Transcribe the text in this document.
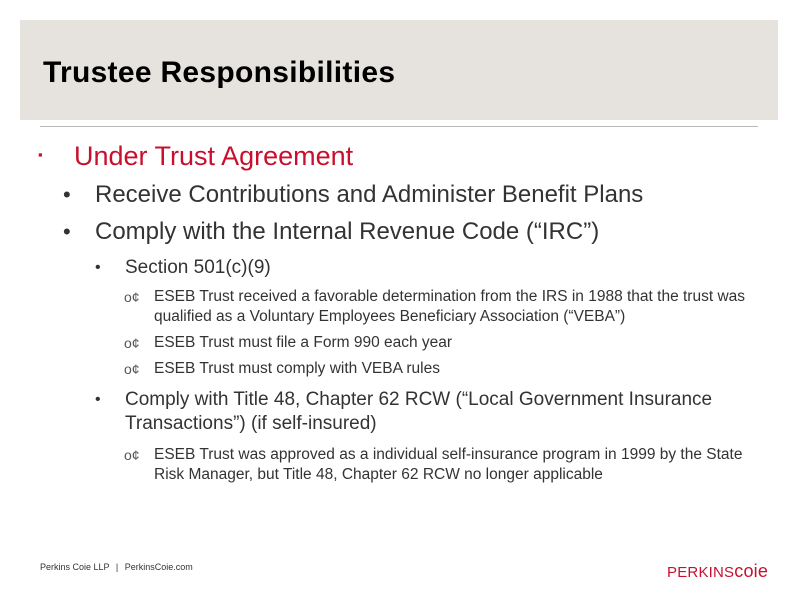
Trustee Responsibilities
▪	Under Trust Agreement
•	Receive Contributions and Administer Benefit Plans
•	Comply with the Internal Revenue Code (“IRC”)
•	Section 501(c)(9)
o¢ ESEB Trust received a favorable determination from the IRS in 1988 that the trust was qualified as a Voluntary Employees Beneficiary Association (“VEBA”)
o¢ ESEB Trust must file a Form 990 each year
o¢ ESEB Trust must comply with VEBA rules
•	Comply with Title 48, Chapter 62 RCW (“Local Government Insurance Transactions”) (if self-insured)
o¢ ESEB Trust was approved as a individual self-insurance program in 1999 by the State Risk Manager, but Title 48, Chapter 62 RCW no longer applicable
Perkins Coie LLP | PerkinsCoie.com	PERKINScoie
